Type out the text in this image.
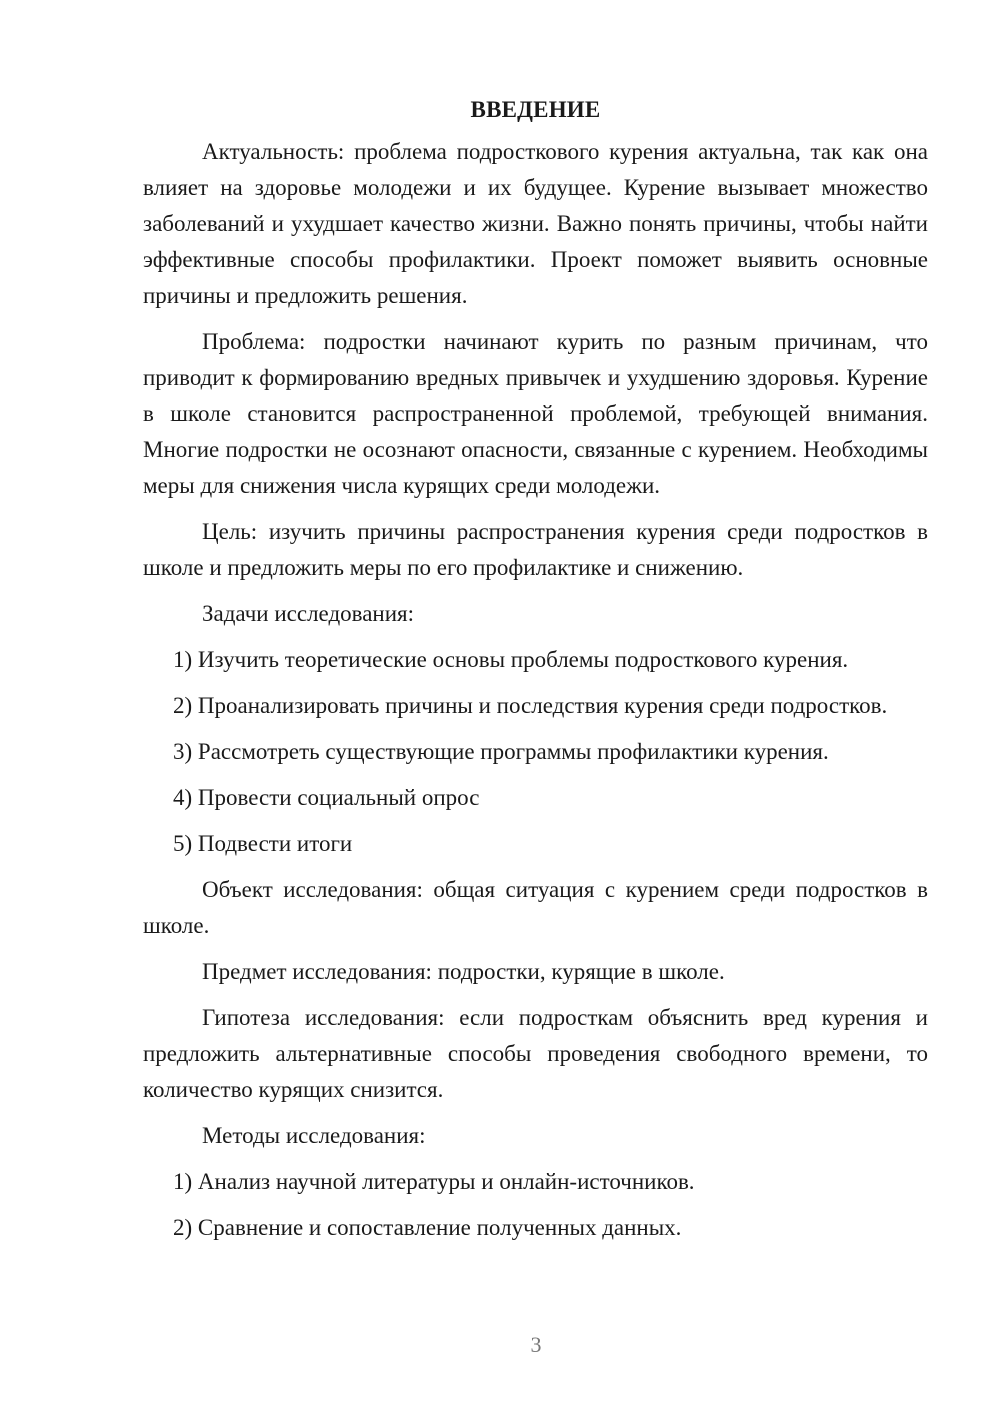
ВВЕДЕНИЕ
Актуальность: проблема подросткового курения актуальна, так как она влияет на здоровье молодежи и их будущее. Курение вызывает множество заболеваний и ухудшает качество жизни. Важно понять причины, чтобы найти эффективные способы профилактики. Проект поможет выявить основные причины и предложить решения.
Проблема: подростки начинают курить по разным причинам, что приводит к формированию вредных привычек и ухудшению здоровья. Курение в школе становится распространенной проблемой, требующей внимания. Многие подростки не осознают опасности, связанные с курением. Необходимы меры для снижения числа курящих среди молодежи.
Цель: изучить причины распространения курения среди подростков в школе и предложить меры по его профилактике и снижению.
Задачи исследования:
1) Изучить теоретические основы проблемы подросткового курения.
2) Проанализировать причины и последствия курения среди подростков.
3) Рассмотреть существующие программы профилактики курения.
4) Провести социальный опрос
5) Подвести итоги
Объект исследования: общая ситуация с курением среди подростков в школе.
Предмет исследования: подростки, курящие в школе.
Гипотеза исследования: если подросткам объяснить вред курения и предложить альтернативные способы проведения свободного времени, то количество курящих снизится.
Методы исследования:
1) Анализ научной литературы и онлайн-источников.
2) Сравнение и сопоставление полученных данных.
3
